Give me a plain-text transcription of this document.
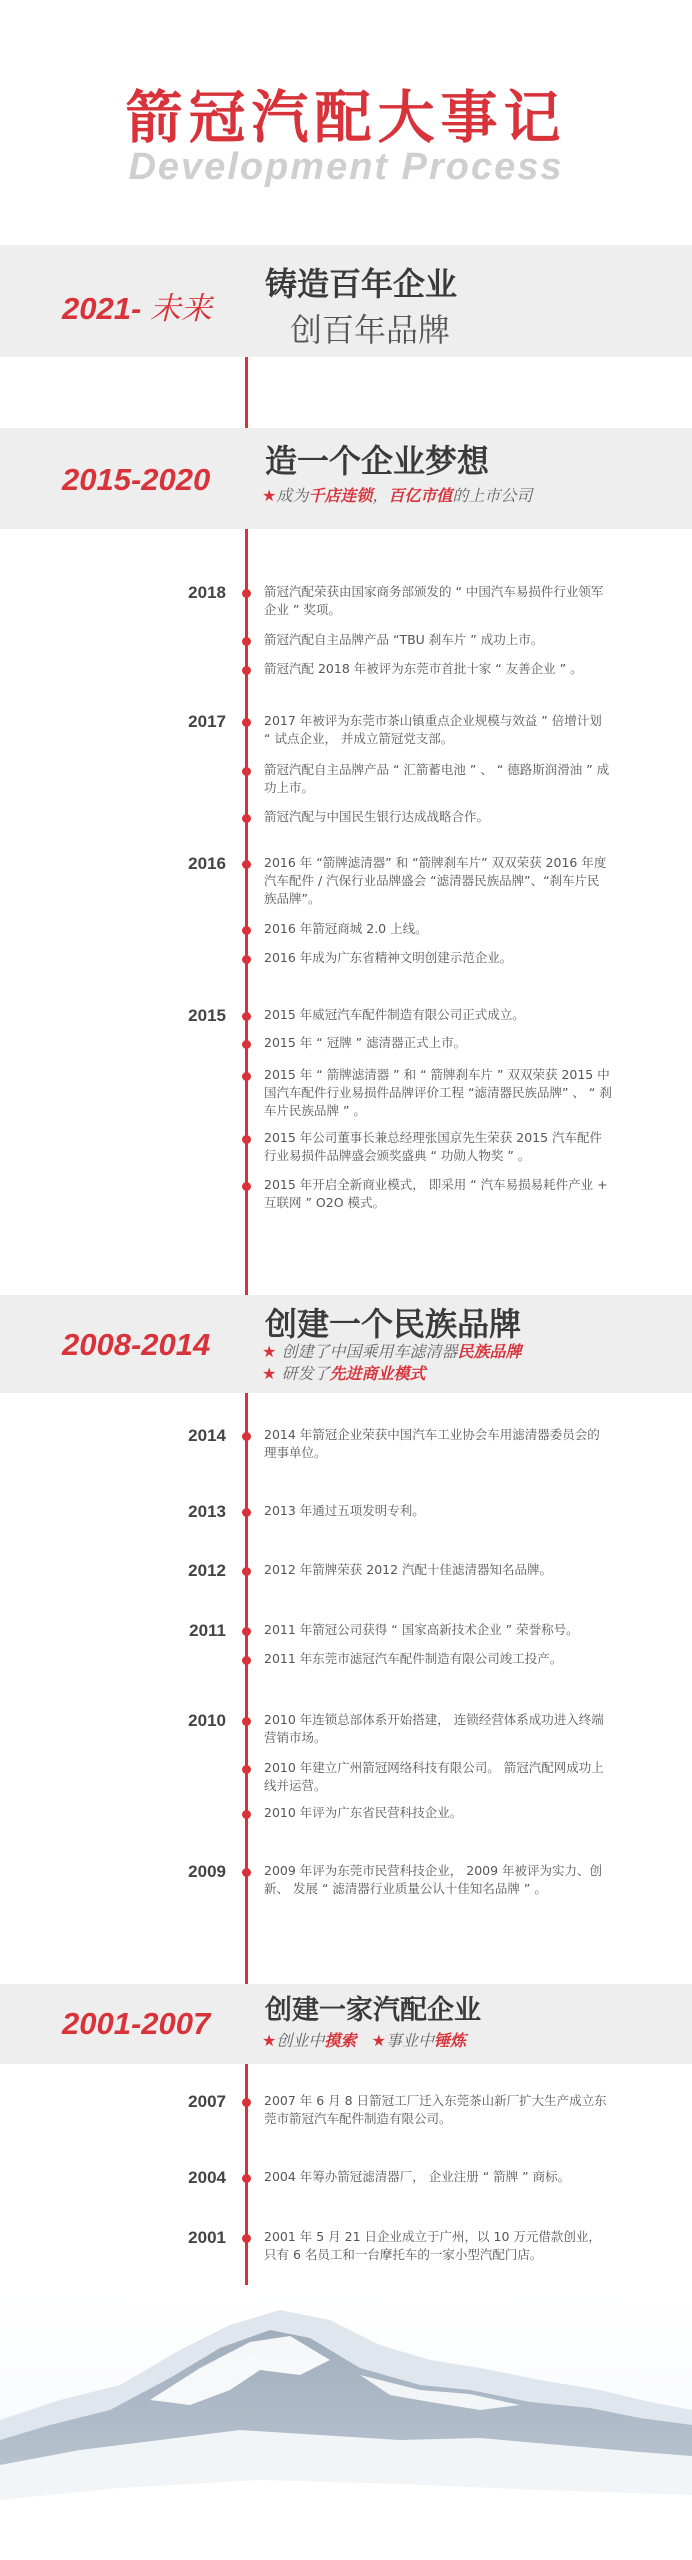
箭冠汽配大事记
Development Process
2021- 未来
铸造百年企业
创百年品牌
2015-2020 造一个企业梦想
★成为千店连锁，百亿市值的上市公司
2008-2014
创建一个民族品牌
★ 创建了中国乘用车滤清器民族品牌
★ 研发了先进商业模式
2001-2007 创建一家汽配企业
★创业中摸索 ★事业中锤炼
2018
2017
2016
2015
2014
2013
2012
2011
2010
2009
2007
2004
2001
箭冠汽配荣获由国家商务部颁发的 “ 中国汽车易损件行业领军企业 ” 奖项。
箭冠汽配自主品牌产品 “TBU 刹车片 ” 成功上市。
箭冠汽配 2018 年被评为东莞市首批十家 “ 友善企业 ” 。
2017 年被评为东莞市茶山镇重点企业规模与效益 ” 倍增计划 “ 试点企业， 并成立箭冠党支部。
箭冠汽配自主品牌产品 “ 汇箭蓄电池 ” 、 “ 德路斯润滑油 ” 成功上市。
箭冠汽配与中国民生银行达成战略合作。
2016 年 “箭牌滤清器” 和 “箭牌刹车片” 双双荣获 2016 年度汽车配件 / 汽保行业品牌盛会 “滤清器民族品牌”、“刹车片民族品牌”。
2016 年箭冠商城 2.0 上线。
2016 年成为广东省精神文明创建示范企业。
2015 年威冠汽车配件制造有限公司正式成立。
2015 年 “ 冠牌 ” 滤清器正式上市。
2015 年 “ 箭牌滤清器 ” 和 “ 箭牌刹车片 ” 双双荣获 2015 中国汽车配件行业易损件品牌评价工程 “滤清器民族品牌” 、 “ 刹车片民族品牌 ” 。
2015 年公司董事长兼总经理张国京先生荣获 2015 汽车配件行业易损件品牌盛会颁奖盛典 “ 功勋人物奖 ” 。
2015 年开启全新商业模式， 即采用 “ 汽车易损易耗件产业 + 互联网 ” O2O 模式。
2014 年箭冠企业荣获中国汽车工业协会车用滤清器委员会的理事单位。
2013 年通过五项发明专利。
2012 年箭牌荣获 2012 汽配十佳滤清器知名品牌。
2011 年箭冠公司获得 “ 国家高新技术企业 ” 荣誉称号。
2011 年东莞市滤冠汽车配件制造有限公司竣工投产。
2010 年连锁总部体系开始搭建， 连锁经营体系成功进入终端营销市场。
2010 年建立广州箭冠网络科技有限公司。 箭冠汽配网成功上线并运营。
2010 年评为广东省民营科技企业。
2009 年评为东莞市民营科技企业， 2009 年被评为实力、创新、 发展 “ 滤清器行业质量公认十佳知名品牌 ” 。
2007 年 6 月 8 日箭冠工厂迁入东莞茶山新厂扩大生产成立东莞市箭冠汽车配件制造有限公司。
2004 年筹办箭冠滤清器厂， 企业注册 “ 箭牌 ” 商标。
2001 年 5 月 21 日企业成立于广州，以 10 万元借款创业，只有 6 名员工和一台摩托车的一家小型汽配门店。
